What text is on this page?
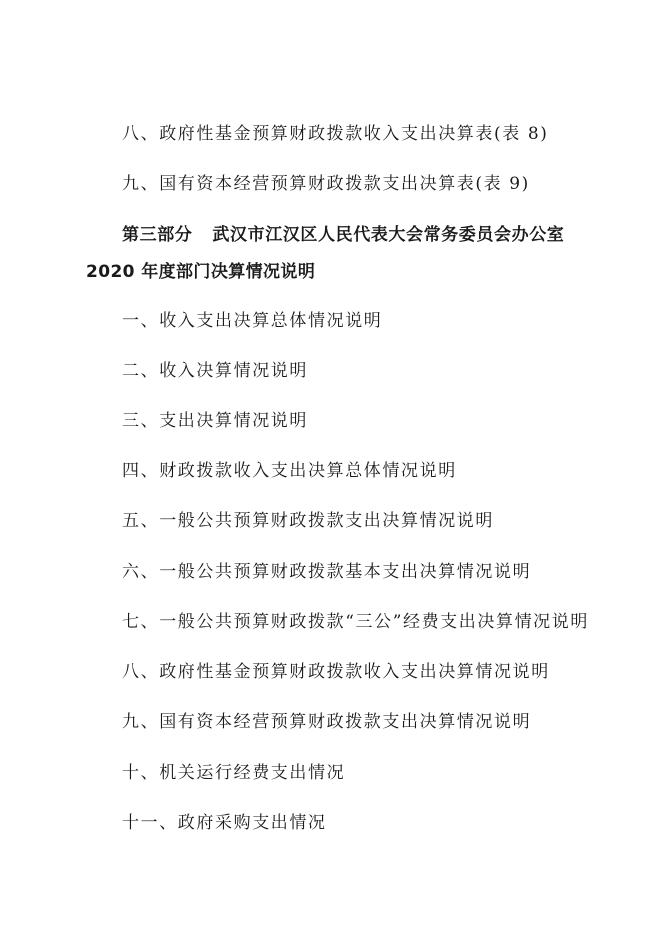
八、政府性基金预算财政拨款收入支出决算表(表 8)
九、国有资本经营预算财政拨款支出决算表(表 9)
第三部分 武汉市江汉区人民代表大会常务委员会办公室
2020 年度部门决算情况说明
一、收入支出决算总体情况说明
二、收入决算情况说明
三、支出决算情况说明
四、财政拨款收入支出决算总体情况说明
五、一般公共预算财政拨款支出决算情况说明
六、一般公共预算财政拨款基本支出决算情况说明
七、一般公共预算财政拨款“三公”经费支出决算情况说明
八、政府性基金预算财政拨款收入支出决算情况说明
九、国有资本经营预算财政拨款支出决算情况说明
十、机关运行经费支出情况
十一、政府采购支出情况
